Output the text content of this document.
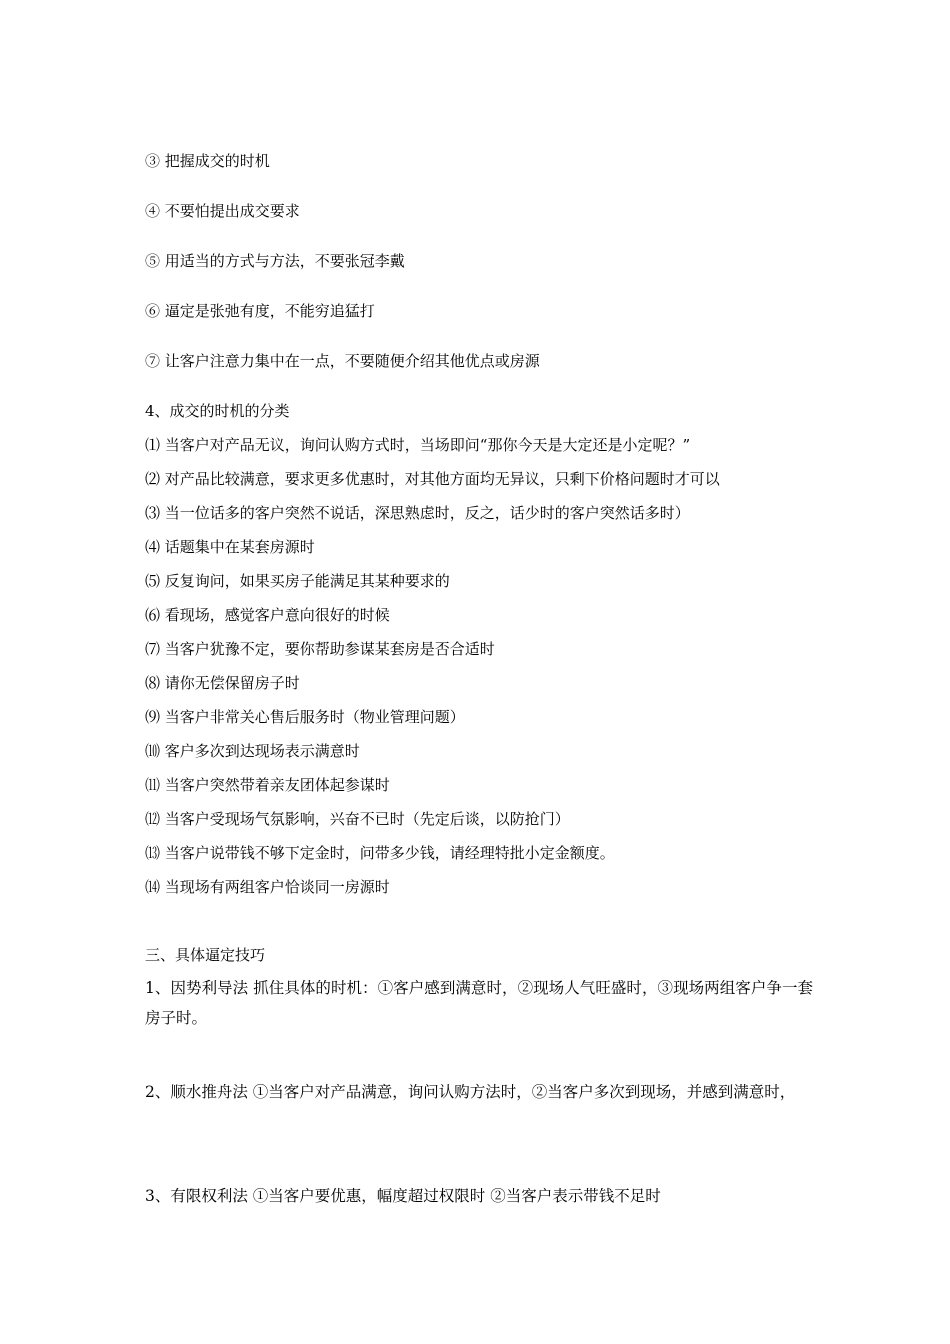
③ 把握成交的时机
④ 不要怕提出成交要求
⑤ 用适当的方式与方法，不要张冠李戴
⑥ 逼定是张弛有度，不能穷追猛打
⑦ 让客户注意力集中在一点，不要随便介绍其他优点或房源
4、成交的时机的分类
⑴ 当客户对产品无议，询问认购方式时，当场即问“那你今天是大定还是小定呢？”
⑵ 对产品比较满意，要求更多优惠时，对其他方面均无异议，只剩下价格问题时才可以
⑶ 当一位话多的客户突然不说话，深思熟虑时，反之，话少时的客户突然话多时）
⑷ 话题集中在某套房源时
⑸ 反复询问，如果买房子能满足其某种要求的
⑹ 看现场，感觉客户意向很好的时候
⑺ 当客户犹豫不定，要你帮助参谋某套房是否合适时
⑻ 请你无偿保留房子时
⑼ 当客户非常关心售后服务时（物业管理问题）
⑽ 客户多次到达现场表示满意时
⑾ 当客户突然带着亲友团体起参谋时
⑿ 当客户受现场气氛影响，兴奋不已时（先定后谈，以防抢门）
⒀ 当客户说带钱不够下定金时，问带多少钱，请经理特批小定金额度。
⒁ 当现场有两组客户恰谈同一房源时
三、具体逼定技巧
1、因势利导法 抓住具体的时机：①客户感到满意时，②现场人气旺盛时，③现场两组客户争一套房子时。
2、顺水推舟法 ①当客户对产品满意，询问认购方法时，②当客户多次到现场，并感到满意时，
3、有限权利法 ①当客户要优惠，幅度超过权限时 ②当客户表示带钱不足时
